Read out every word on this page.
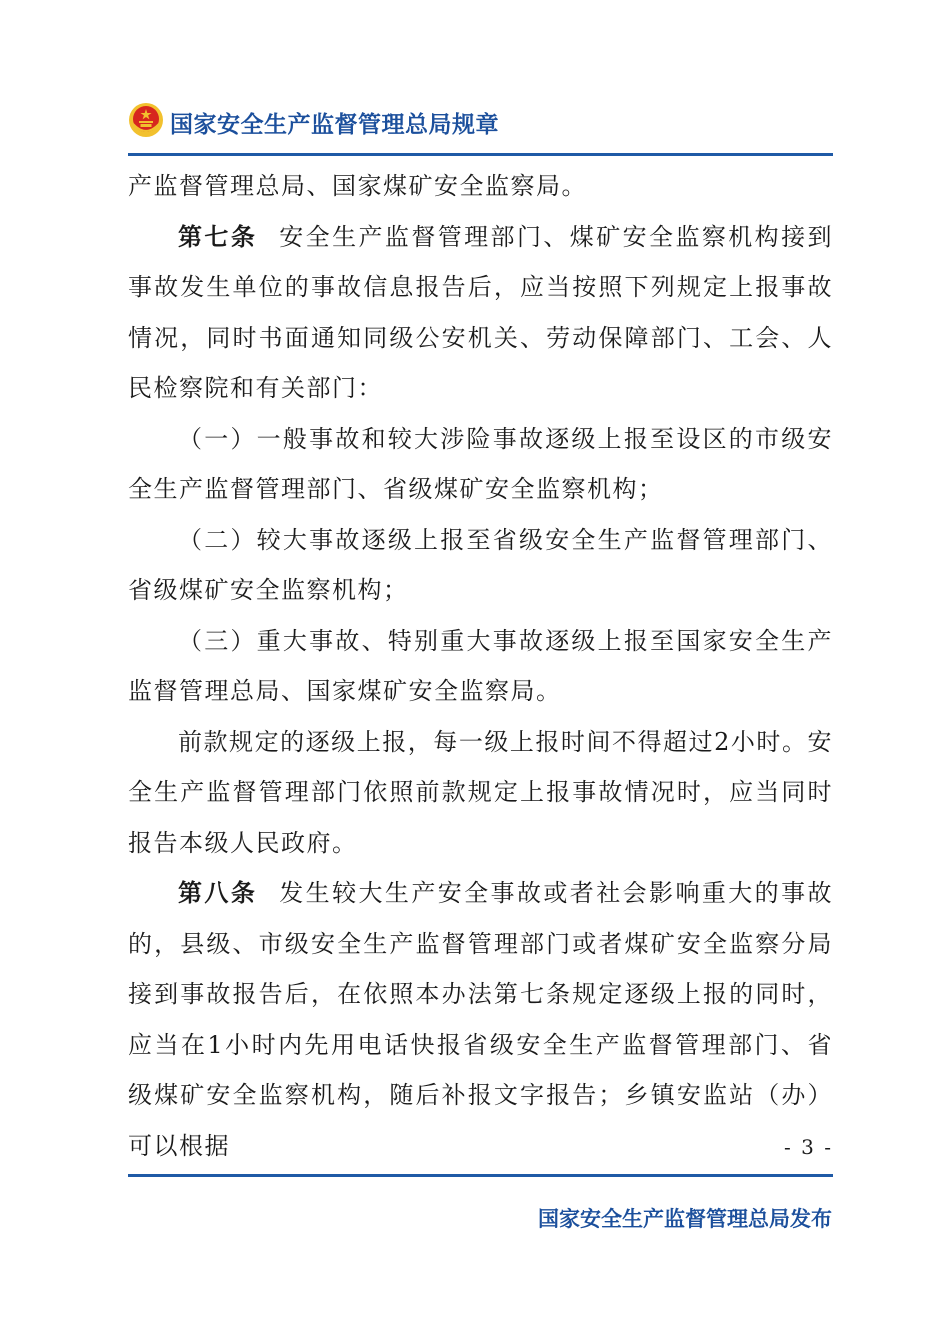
国家安全生产监督管理总局规章

产监督管理总局、国家煤矿安全监察局。

第七条 安全生产监督管理部门、煤矿安全监察机构接到事故发生单位的事故信息报告后，应当按照下列规定上报事故情况，同时书面通知同级公安机关、劳动保障部门、工会、人民检察院和有关部门：

（一）一般事故和较大涉险事故逐级上报至设区的市级安全生产监督管理部门、省级煤矿安全监察机构；

（二）较大事故逐级上报至省级安全生产监督管理部门、省级煤矿安全监察机构；

（三）重大事故、特别重大事故逐级上报至国家安全生产监督管理总局、国家煤矿安全监察局。

前款规定的逐级上报，每一级上报时间不得超过2小时。安全生产监督管理部门依照前款规定上报事故情况时，应当同时报告本级人民政府。

第八条 发生较大生产安全事故或者社会影响重大的事故的，县级、市级安全生产监督管理部门或者煤矿安全监察分局接到事故报告后，在依照本办法第七条规定逐级上报的同时，应当在1小时内先用电话快报省级安全生产监督管理部门、省级煤矿安全监察机构，随后补报文字报告；乡镇安监站（办）可以根据	- 3 -
国家安全生产监督管理总局发布
